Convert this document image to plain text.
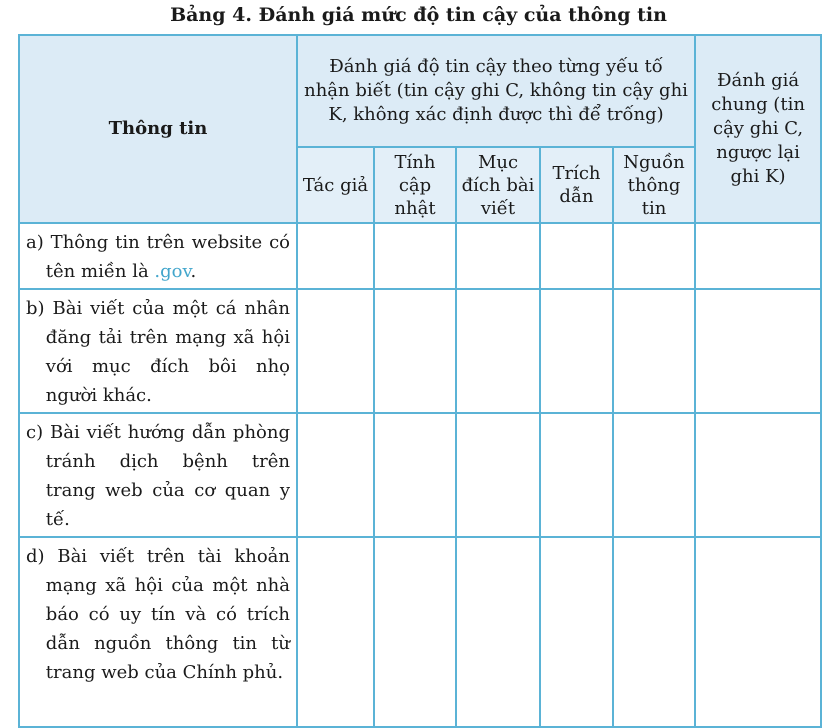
Bảng 4. Đánh giá mức độ tin cậy của thông tin
Thông tin	Đánh giá độ tin cậy theo từng yếu tố nhận biết (tin cậy ghi C, không tin cậy ghi K, không xác định được thì để trống)					Đánh giá chung (tin cậy ghi C, ngược lại ghi K)
	Tác giả	Tính cập nhật	Mục đích bài viết	Trích dẫn	Nguồn thông tin	

a) Thông tin trên website có tên miền là .gov.						

b) Bài viết của một cá nhân đăng tải trên mạng xã hội với mục đích bôi nhọ người khác.						

c) Bài viết hướng dẫn phòng tránh dịch bệnh trên trang web của cơ quan y tế.						

d) Bài viết trên tài khoản mạng xã hội của một nhà báo có uy tín và có trích dẫn nguồn thông tin từ trang web của Chính phủ.						
